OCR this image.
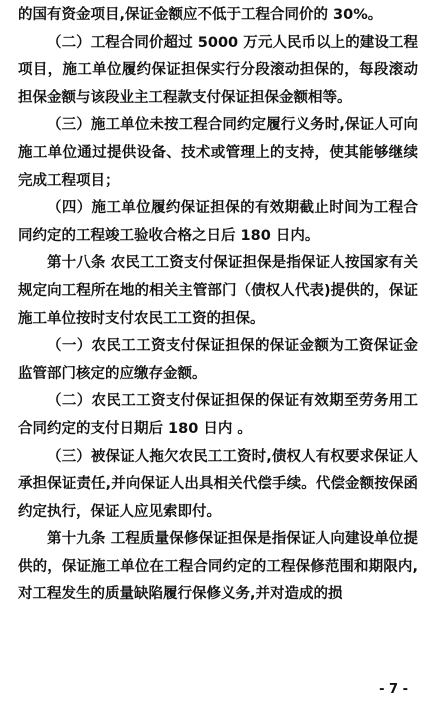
的国有资金项目,保证金额应不低于工程合同价的 30%。

（二）工程合同价超过 5000 万元人民币以上的建设工程项目，施工单位履约保证担保实行分段滚动担保的，每段滚动担保金额与该段业主工程款支付保证担保金额相等。

（三）施工单位未按工程合同约定履行义务时,保证人可向施工单位通过提供设备、技术或管理上的支持，使其能够继续完成工程项目；

（四）施工单位履约保证担保的有效期截止时间为工程合同约定的工程竣工验收合格之日后 180 日内。

第十八条 农民工工资支付保证担保是指保证人按国家有关规定向工程所在地的相关主管部门（债权人代表)提供的，保证施工单位按时支付农民工工资的担保。

（一）农民工工资支付保证担保的保证金额为工资保证金监管部门核定的应缴存金额。

（二）农民工工资支付保证担保的保证有效期至劳务用工合同约定的支付日期后 180 日内 。

（三）被保证人拖欠农民工工资时,债权人有权要求保证人承担保证责任,并向保证人出具相关代偿手续。代偿金额按保函约定执行，保证人应见索即付。

第十九条 工程质量保修保证担保是指保证人向建设单位提供的，保证施工单位在工程合同约定的工程保修范围和期限内,对工程发生的质量缺陷履行保修义务,并对造成的损

- 7 -
